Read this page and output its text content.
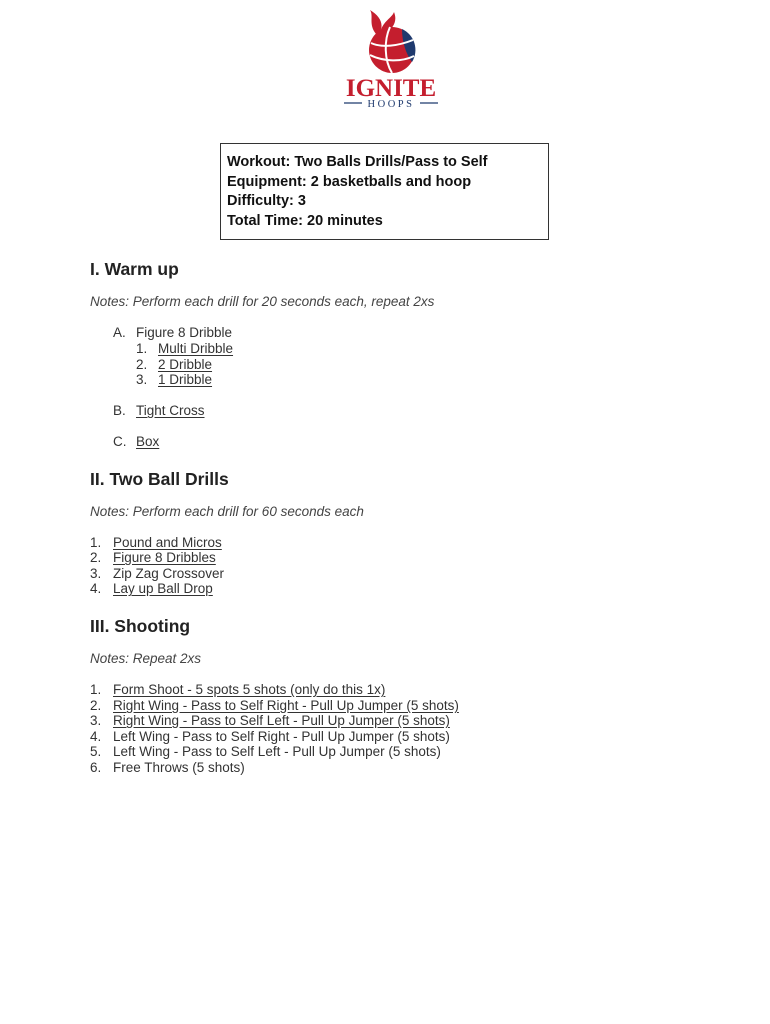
IGNITE
HOOPS
Workout: Two Balls Drills/Pass to Self
Equipment: 2 basketballs and hoop
Difficulty: 3
Total Time: 20 minutes
I. Warm up
Notes: Perform each drill for 20 seconds each, repeat 2xs
A. Figure 8 Dribble
1. Multi Dribble
2. 2 Dribble
3. 1 Dribble
B. Tight Cross
C. Box
II. Two Ball Drills
Notes: Perform each drill for 60 seconds each
1. Pound and Micros
2. Figure 8 Dribbles
3. Zip Zag Crossover
4. Lay up Ball Drop
III. Shooting
Notes: Repeat 2xs
1. Form Shoot - 5 spots 5 shots (only do this 1x)
2. Right Wing - Pass to Self Right - Pull Up Jumper (5 shots)
3. Right Wing - Pass to Self Left - Pull Up Jumper (5 shots)
4. Left Wing - Pass to Self Right - Pull Up Jumper (5 shots)
5. Left Wing - Pass to Self Left - Pull Up Jumper (5 shots)
6. Free Throws (5 shots)
